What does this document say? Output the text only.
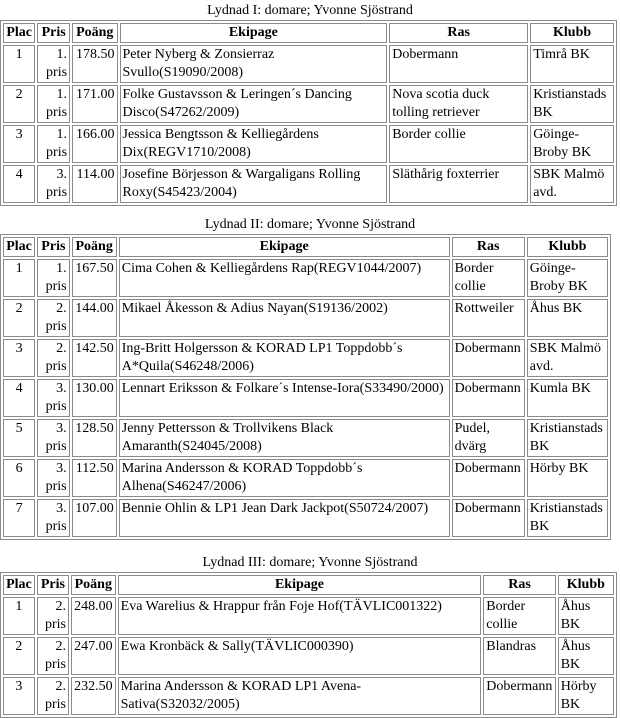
Lydnad I: domare; Yvonne Sjöstrand
Plac	Pris	Poäng	Ekipage	Ras	Klubb
1	1. pris	178.50	Peter Nyberg & Zonsierraz Svullo(S19090/2008)	Dobermann	Timrå BK
2	1. pris	171.00	Folke Gustavsson & Leringen´s Dancing Disco(S47262/2009)	Nova scotia duck tolling retriever	Kristianstads BK
3	1. pris	166.00	Jessica Bengtsson & Kelliegårdens Dix(REGV1710/2008)	Border collie	Göinge-Broby BK
4	3. pris	114.00	Josefine Börjesson & Wargaligans Rolling Roxy(S45423/2004)	Släthårig foxterrier	SBK Malmö avd.
Lydnad II: domare; Yvonne Sjöstrand
Plac	Pris	Poäng	Ekipage	Ras	Klubb
1	1. pris	167.50	Cima Cohen & Kelliegårdens Rap(REGV1044/2007)	Border collie	Göinge-Broby BK
2	2. pris	144.00	Mikael Åkesson & Adius Nayan(S19136/2002)	Rottweiler	Åhus BK
3	2. pris	142.50	Ing-Britt Holgersson & KORAD LP1 Toppdobb´s A*Quila(S46248/2006)	Dobermann	SBK Malmö avd.
4	3. pris	130.00	Lennart Eriksson & Folkare´s Intense-Iora(S33490/2000)	Dobermann	Kumla BK
5	3. pris	128.50	Jenny Pettersson & Trollvikens Black Amaranth(S24045/2008)	Pudel, dvärg	Kristianstads BK
6	3. pris	112.50	Marina Andersson & KORAD Toppdobb´s Alhena(S46247/2006)	Dobermann	Hörby BK
7	3. pris	107.00	Bennie Ohlin & LP1 Jean Dark Jackpot(S50724/2007)	Dobermann	Kristianstads BK
Lydnad III: domare; Yvonne Sjöstrand
Plac	Pris	Poäng	Ekipage	Ras	Klubb
1	2. pris	248.00	Eva Warelius & Hrappur från Foje Hof(TÄVLIC001322)	Border collie	Åhus BK
2	2. pris	247.00	Ewa Kronbäck & Sally(TÄVLIC000390)	Blandras	Åhus BK
3	2. pris	232.50	Marina Andersson & KORAD LP1 Avena-Sativa(S32032/2005)	Dobermann	Hörby BK
